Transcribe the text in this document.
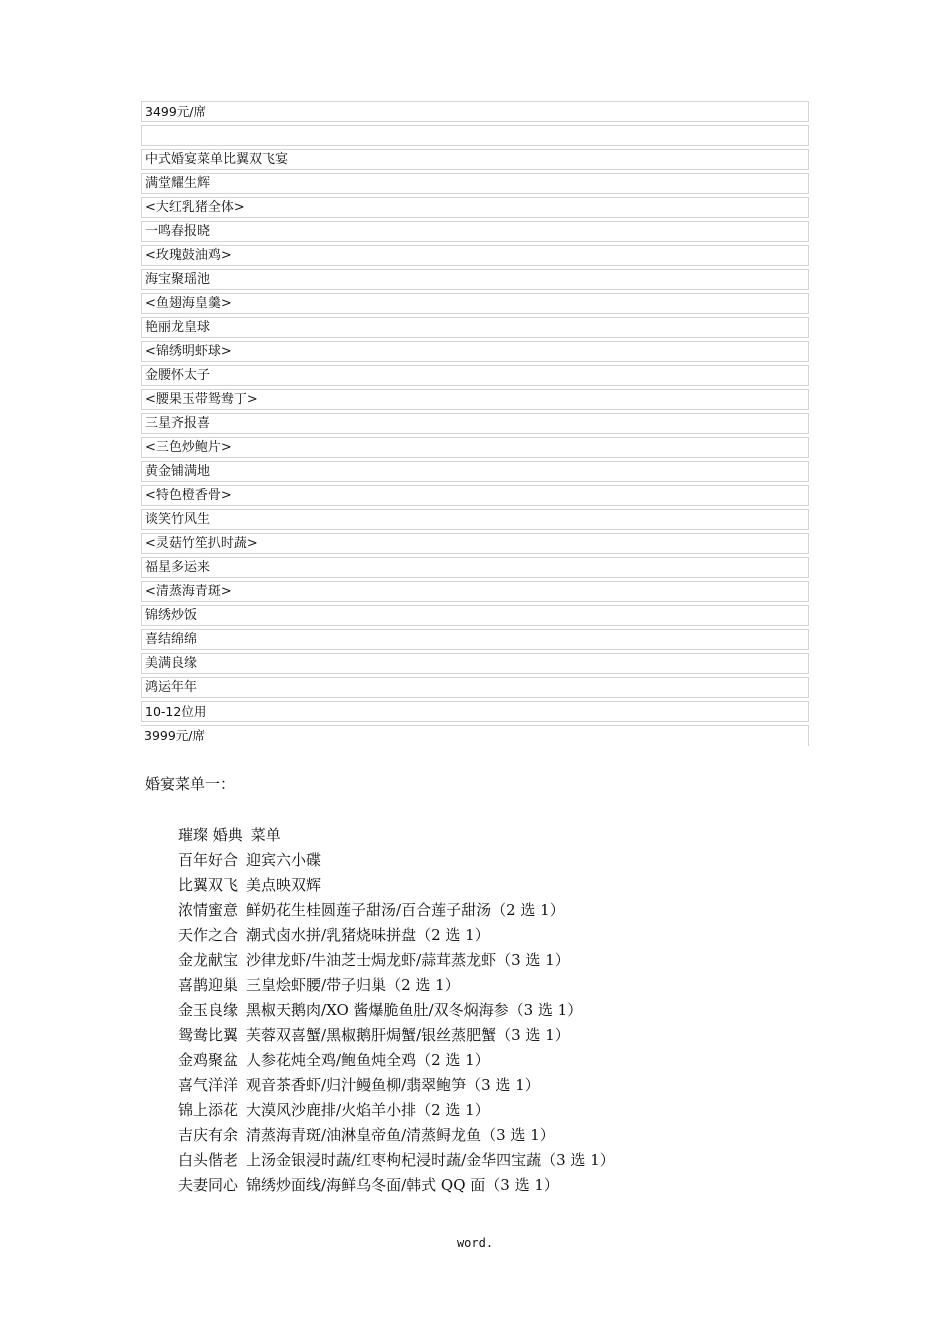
3499元/席
中式婚宴菜单比翼双飞宴
满堂耀生辉
<大红乳猪全体>
一鸣春报晓
<玫瑰鼓油鸡>
海宝聚瑶池
<鱼翅海皇羹>
艳丽龙皇球
<锦绣明虾球>
金腰怀太子
<腰果玉带鸳鸯丁>
三星齐报喜
<三色炒鲍片>
黄金铺满地
<特色橙香骨>
谈笑竹风生
<灵菇竹笙扒时蔬>
福星多运来
<清蒸海青斑>
锦绣炒饭
喜结绵绵
美满良缘
鸿运年年
10-12位用
3999元/席
婚宴菜单一：
璀璨 婚典 菜单
百年好合 迎宾六小碟
比翼双飞 美点映双辉
浓情蜜意 鲜奶花生桂圆莲子甜汤/百合莲子甜汤（2 选 1）
天作之合 潮式卤水拼/乳猪烧味拼盘（2 选 1）
金龙献宝 沙律龙虾/牛油芝士焗龙虾/蒜茸蒸龙虾（3 选 1）
喜鹊迎巢 三皇烩虾腰/带子归巢（2 选 1）
金玉良缘 黑椒天鹅肉/XO 酱爆脆鱼肚/双冬焖海参（3 选 1）
鸳鸯比翼 芙蓉双喜蟹/黑椒鹅肝焗蟹/银丝蒸肥蟹（3 选 1）
金鸡聚盆 人参花炖全鸡/鲍鱼炖全鸡（2 选 1）
喜气洋洋 观音茶香虾/归汁鳗鱼柳/翡翠鲍笋（3 选 1）
锦上添花 大漠风沙鹿排/火焰羊小排（2 选 1）
吉庆有余 清蒸海青斑/油淋皇帝鱼/清蒸鲟龙鱼（3 选 1）
白头偕老 上汤金银浸时蔬/红枣枸杞浸时蔬/金华四宝蔬（3 选 1）
夫妻同心 锦绣炒面线/海鲜乌冬面/韩式 QQ 面（3 选 1）
word.
